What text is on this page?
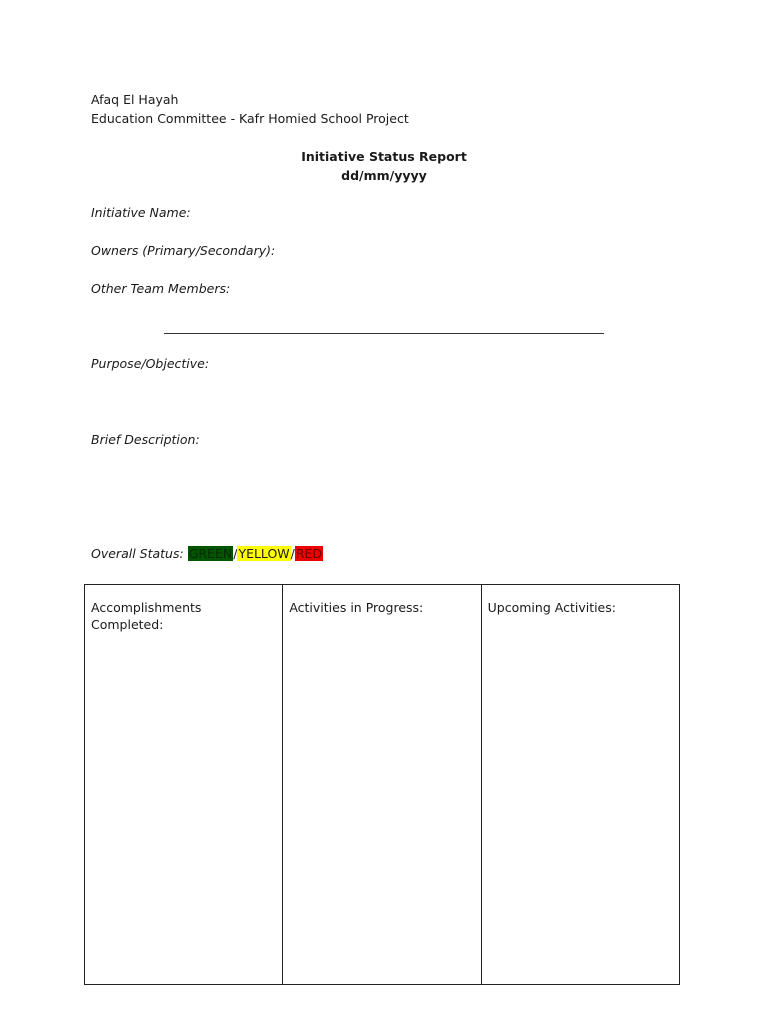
Afaq El Hayah
Education Committee - Kafr Homied School Project
Initiative Status Report
dd/mm/yyyy
Initiative Name:
Owners (Primary/Secondary):
Other Team Members:
Purpose/Objective:
Brief Description:
Overall Status: GREEN/YELLOW/RED
Accomplishments Completed:	Activities in Progress:	Upcoming Activities:
